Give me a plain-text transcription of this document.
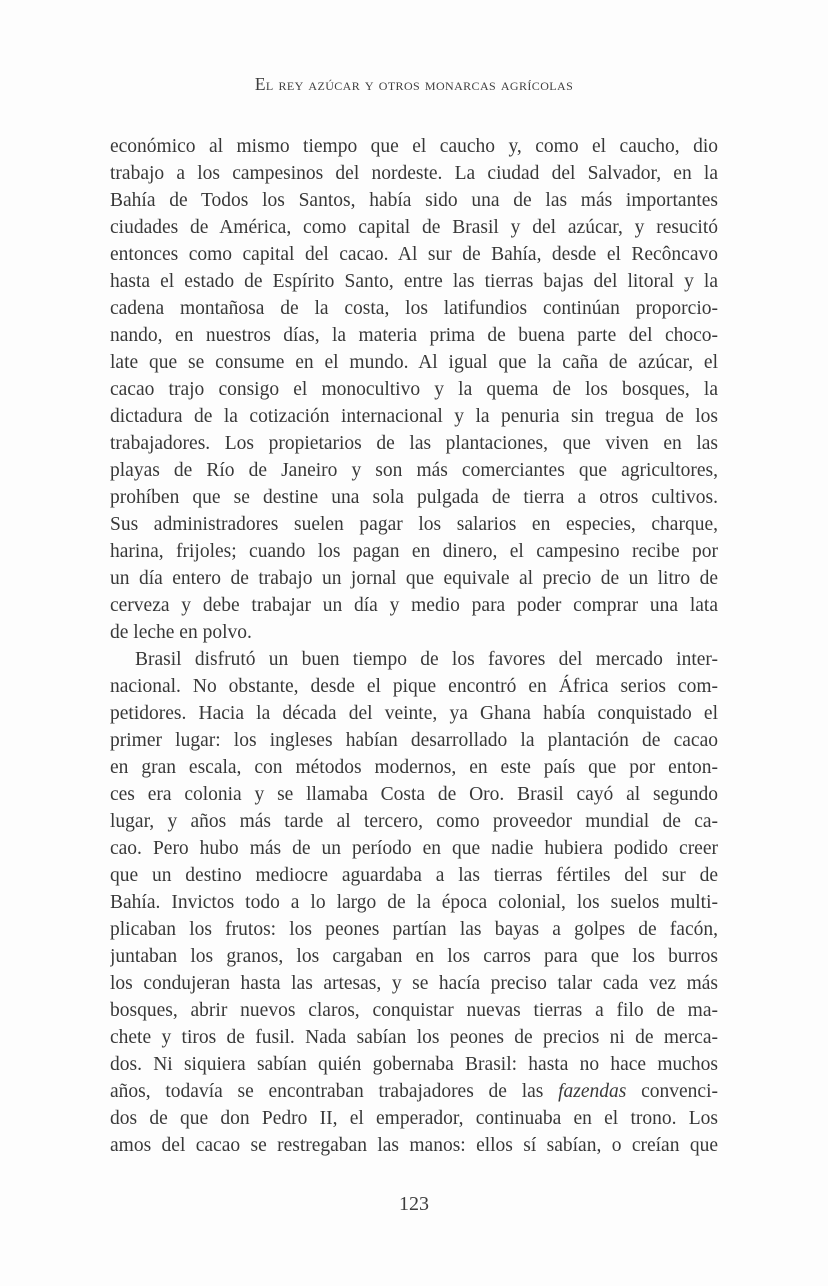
El rey azúcar y otros monarcas agrícolas
económico al mismo tiempo que el caucho y, como el caucho, dio
trabajo a los campesinos del nordeste. La ciudad del Salvador, en la
Bahía de Todos los Santos, había sido una de las más importantes
ciudades de América, como capital de Brasil y del azúcar, y resucitó
entonces como capital del cacao. Al sur de Bahía, desde el Recôncavo
hasta el estado de Espírito Santo, entre las tierras bajas del litoral y la
cadena montañosa de la costa, los latifundios continúan proporcio-
nando, en nuestros días, la materia prima de buena parte del choco-
late que se consume en el mundo. Al igual que la caña de azúcar, el
cacao trajo consigo el monocultivo y la quema de los bosques, la
dictadura de la cotización internacional y la penuria sin tregua de los
trabajadores. Los propietarios de las plantaciones, que viven en las
playas de Río de Janeiro y son más comerciantes que agricultores,
prohíben que se destine una sola pulgada de tierra a otros cultivos.
Sus administradores suelen pagar los salarios en especies, charque,
harina, frijoles; cuando los pagan en dinero, el campesino recibe por
un día entero de trabajo un jornal que equivale al precio de un litro de
cerveza y debe trabajar un día y medio para poder comprar una lata
de leche en polvo.
Brasil disfrutó un buen tiempo de los favores del mercado inter-
nacional. No obstante, desde el pique encontró en África serios com-
petidores. Hacia la década del veinte, ya Ghana había conquistado el
primer lugar: los ingleses habían desarrollado la plantación de cacao
en gran escala, con métodos modernos, en este país que por enton-
ces era colonia y se llamaba Costa de Oro. Brasil cayó al segundo
lugar, y años más tarde al tercero, como proveedor mundial de ca-
cao. Pero hubo más de un período en que nadie hubiera podido creer
que un destino mediocre aguardaba a las tierras fértiles del sur de
Bahía. Invictos todo a lo largo de la época colonial, los suelos multi-
plicaban los frutos: los peones partían las bayas a golpes de facón,
juntaban los granos, los cargaban en los carros para que los burros
los condujeran hasta las artesas, y se hacía preciso talar cada vez más
bosques, abrir nuevos claros, conquistar nuevas tierras a filo de ma-
chete y tiros de fusil. Nada sabían los peones de precios ni de merca-
dos. Ni siquiera sabían quién gobernaba Brasil: hasta no hace muchos
años, todavía se encontraban trabajadores de las fazendas convenci-
dos de que don Pedro II, el emperador, continuaba en el trono. Los
amos del cacao se restregaban las manos: ellos sí sabían, o creían que
123
